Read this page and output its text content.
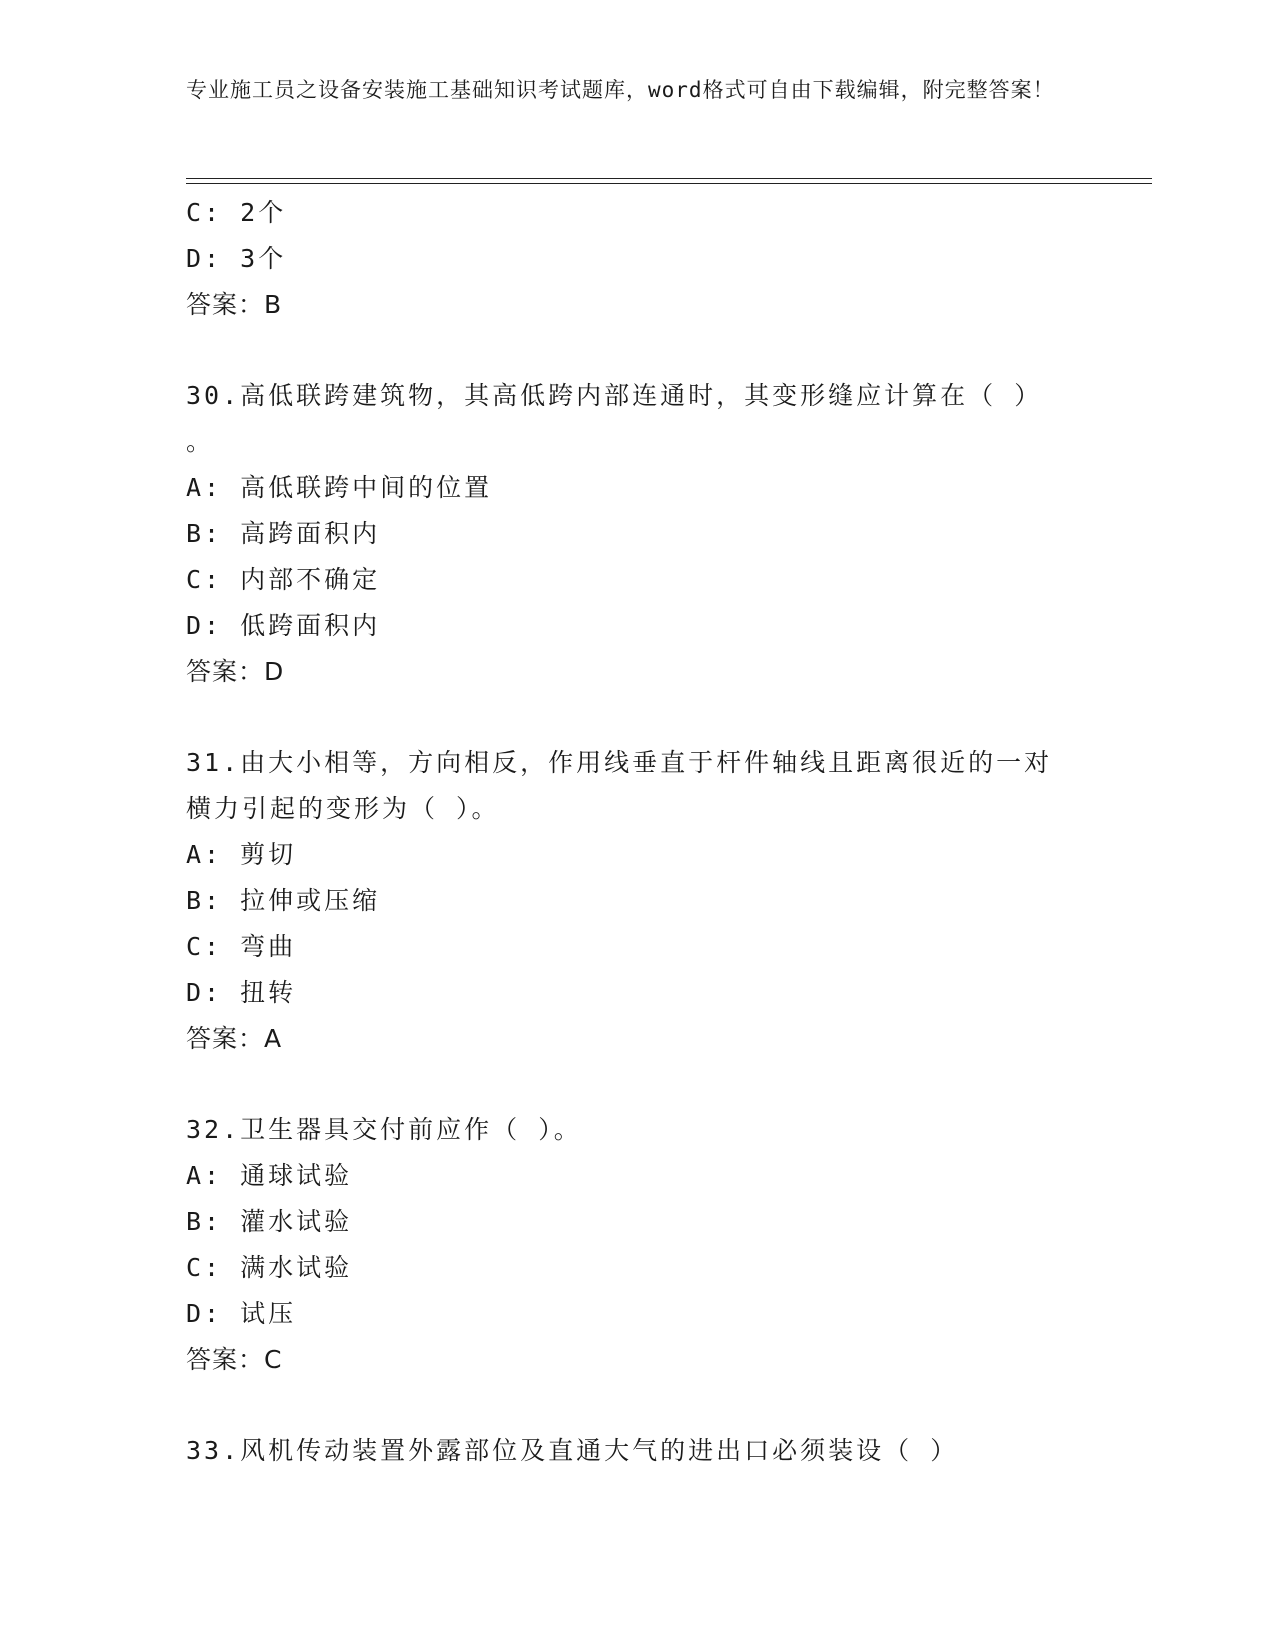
专业施工员之设备安装施工基础知识考试题库，word格式可自由下载编辑，附完整答案！
C: 2个
D: 3个
答案：B
30.高低联跨建筑物，其高低跨内部连通时，其变形缝应计算在（ ）
。
A: 高低联跨中间的位置
B: 高跨面积内
C: 内部不确定
D: 低跨面积内
答案：D
31.由大小相等，方向相反，作用线垂直于杆件轴线且距离很近的一对
横力引起的变形为（ ）。
A: 剪切
B: 拉伸或压缩
C: 弯曲
D: 扭转
答案：A
32.卫生器具交付前应作（ ）。
A: 通球试验
B: 灌水试验
C: 满水试验
D: 试压
答案：C
33.风机传动装置外露部位及直通大气的进出口必须装设（ ）
